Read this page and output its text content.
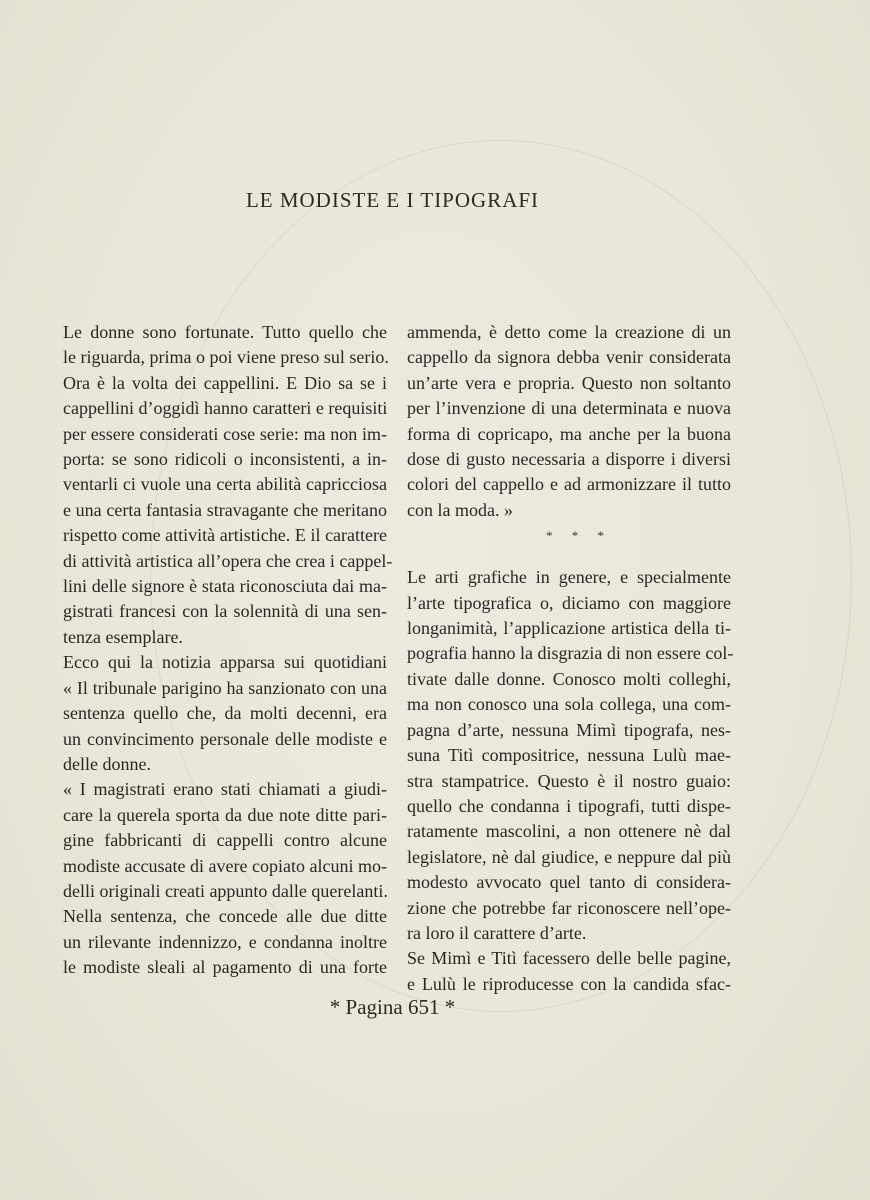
LE MODISTE E I TIPOGRAFI

Le donne sono fortunate. Tutto quello che

le riguarda, prima o poi viene preso sul serio.

Ora è la volta dei cappellini. E Dio sa se i

cappellini d’oggidì hanno caratteri e requisiti

per essere considerati cose serie: ma non im-

porta: se sono ridicoli o inconsistenti, a in-

ventarli ci vuole una certa abilità capricciosa

e una certa fantasia stravagante che meritano

rispetto come attività artistiche. E il carattere

di attività artistica all’opera che crea i cappel-

lini delle signore è stata riconosciuta dai ma-

gistrati francesi con la solennità di una sen-

tenza esemplare.

Ecco qui la notizia apparsa sui quotidiani

« Il tribunale parigino ha sanzionato con una

sentenza quello che, da molti decenni, era

un convincimento personale delle modiste e

delle donne.

« I magistrati erano stati chiamati a giudi-

care la querela sporta da due note ditte pari-

gine fabbricanti di cappelli contro alcune

modiste accusate di avere copiato alcuni mo-

delli originali creati appunto dalle querelanti.

Nella sentenza, che concede alle due ditte

un rilevante indennizzo, e condanna inoltre

le modiste sleali al pagamento di una forte

ammenda, è detto come la creazione di un

cappello da signora debba venir considerata

un’arte vera e propria. Questo non soltanto

per l’invenzione di una determinata e nuova

forma di copricapo, ma anche per la buona

dose di gusto necessaria a disporre i diversi

colori del cappello e ad armonizzare il tutto

con la moda. »

* * *

Le arti grafiche in genere, e specialmente

l’arte tipografica o, diciamo con maggiore

longanimità, l’applicazione artistica della ti-

pografia hanno la disgrazia di non essere col-

tivate dalle donne. Conosco molti colleghi,

ma non conosco una sola collega, una com-

pagna d’arte, nessuna Mimì tipografa, nes-

suna Titì compositrice, nessuna Lulù mae-

stra stampatrice. Questo è il nostro guaio:

quello che condanna i tipografi, tutti dispe-

ratamente mascolini, a non ottenere nè dal

legislatore, nè dal giudice, e neppure dal più

modesto avvocato quel tanto di considera-

zione che potrebbe far riconoscere nell’ope-

ra loro il carattere d’arte.

Se Mimì e Titì facessero delle belle pagine,

e Lulù le riproducesse con la candida sfac-

* Pagina 651 *
